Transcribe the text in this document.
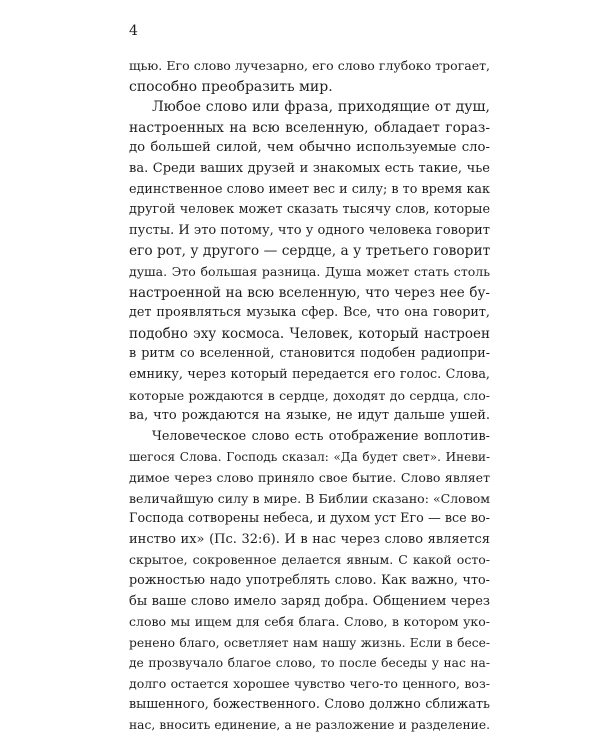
4
щью. Его слово лучезарно, его слово глубоко трогает,
способно преобразить мир.
Любое слово или фраза, приходящие от душ,
настроенных на всю вселенную, обладает гораз-
до большей силой, чем обычно используемые сло-
ва. Среди ваших друзей и знакомых есть такие, чье
единственное слово имеет вес и силу; в то время как
другой человек может сказать тысячу слов, которые
пусты. И это потому, что у одного человека говорит
его рот, у другого — сердце, а у третьего говорит
душа. Это большая разница. Душа может стать столь
настроенной на всю вселенную, что через нее бу-
дет проявляться музыка сфер. Все, что она говорит,
подобно эху космоса. Человек, который настроен
в ритм со вселенной, становится подобен радиопри-
емнику, через который передается его голос. Слова,
которые рождаются в сердце, доходят до сердца, сло-
ва, что рождаются на языке, не идут дальше ушей.
Человеческое слово есть отображение воплотив-
шегося Слова. Господь сказал: «Да будет свет». Иневи-
димое через слово приняло свое бытие. Слово являет
величайшую силу в мире. В Библии сказано: «Словом
Господа сотворены небеса, и духом уст Его — все во-
инство их» (Пс. 32:6). И в нас через слово является
скрытое, сокровенное делается явным. С какой осто-
рожностью надо употреблять слово. Как важно, что-
бы ваше слово имело заряд добра. Общением через
слово мы ищем для себя блага. Слово, в котором уко-
ренено благо, осветляет нам нашу жизнь. Если в бесе-
де прозвучало благое слово, то после беседы у нас на-
долго остается хорошее чувство чего-то ценного, воз-
вышенного, божественного. Слово должно сближать
нас, вносить единение, а не разложение и разделение.
